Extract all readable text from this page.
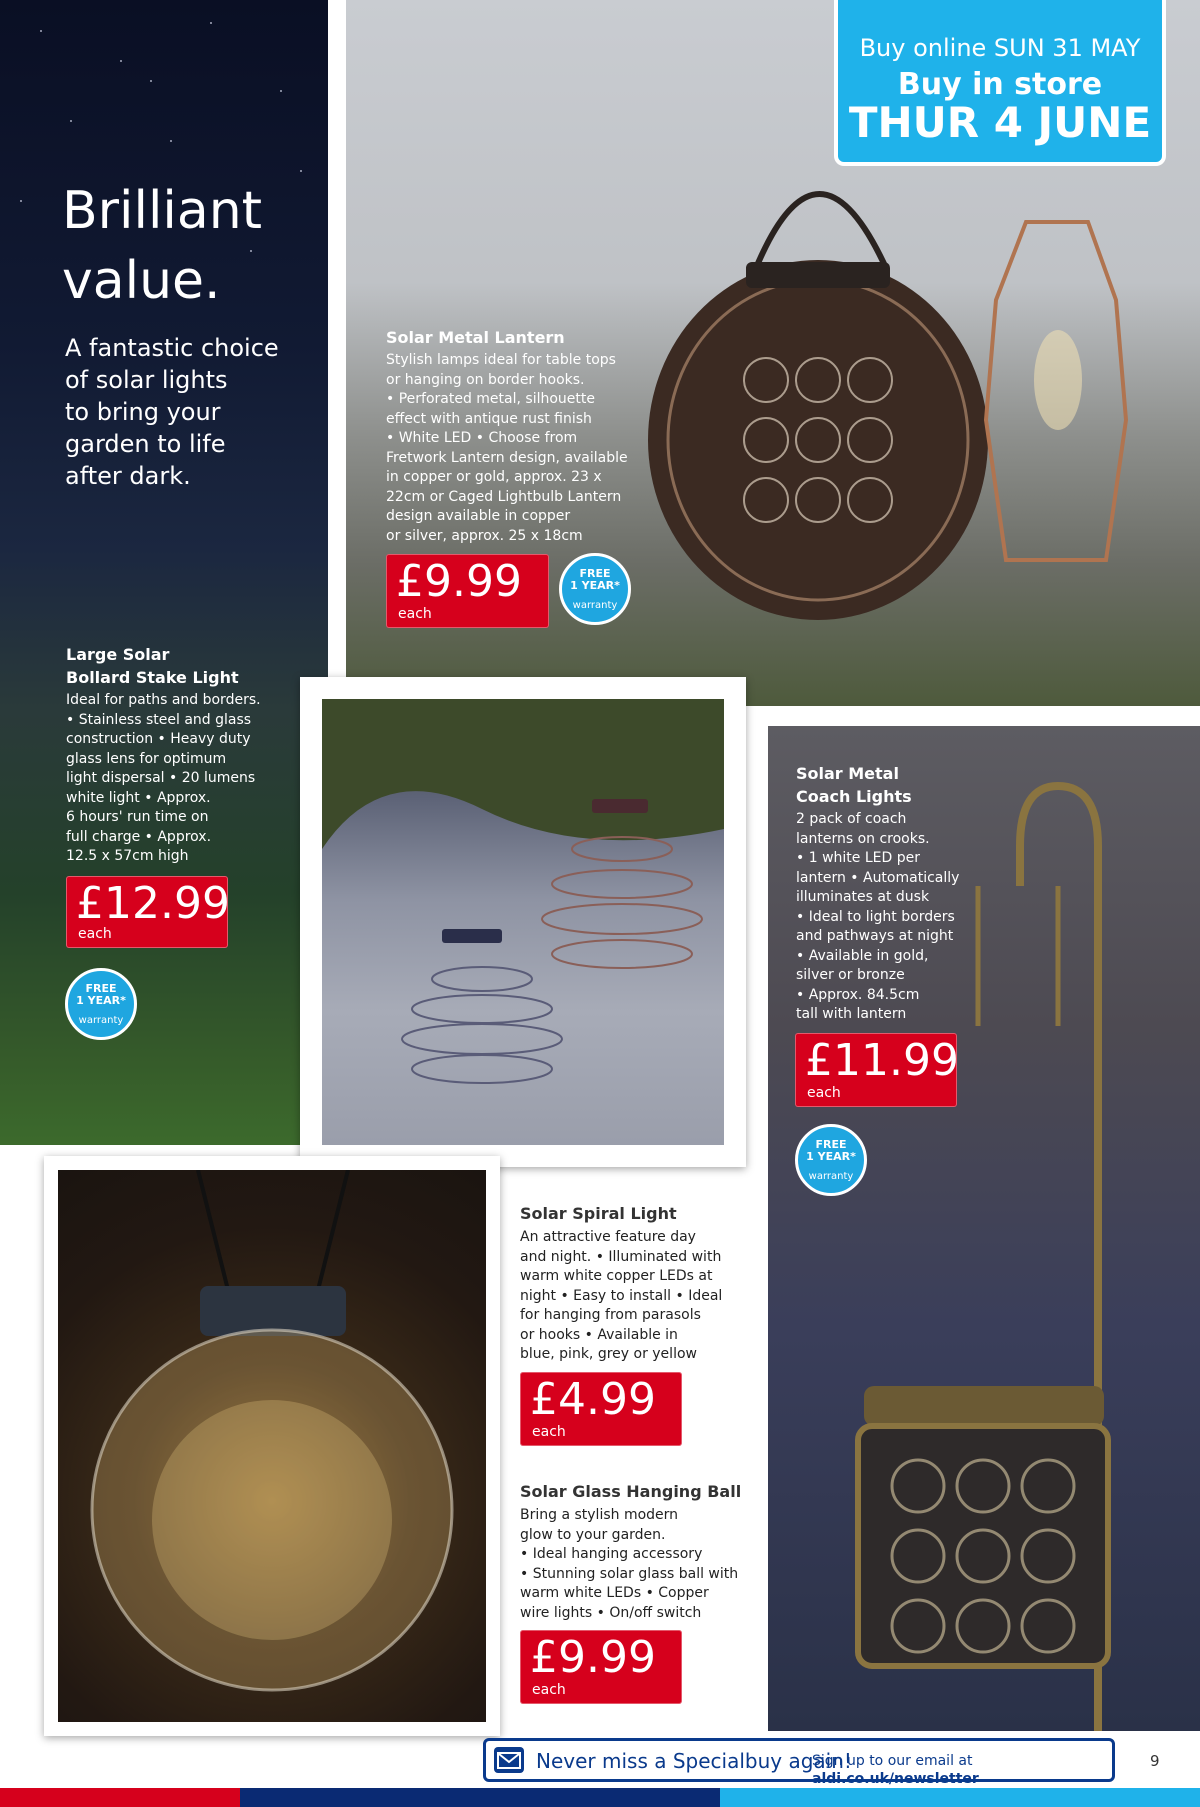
Brilliant
value.
A fantastic choice
of solar lights
to bring your
garden to life
after dark.
Large Solar
Bollard Stake Light
Ideal for paths and borders.
• Stainless steel and glass
construction • Heavy duty
glass lens for optimum
light dispersal • 20 lumens
white light • Approx.
6 hours' run time on
full charge • Approx.
12.5 x 57cm high
£12.99
each
FREE
1 YEAR*
warranty
Solar Metal Lantern
Stylish lamps ideal for table tops
or hanging on border hooks.
• Perforated metal, silhouette
effect with antique rust finish
• White LED • Choose from
Fretwork Lantern design, available
in copper or gold, approx. 23 x
22cm or Caged Lightbulb Lantern
design available in copper
or silver, approx. 25 x 18cm
£9.99
each
FREE
1 YEAR*
warranty
Buy online SUN 31 MAY
Buy in store
THUR 4 JUNE
Solar Metal
Coach Lights
2 pack of coach
lanterns on crooks.
• 1 white LED per
lantern • Automatically
illuminates at dusk
• Ideal to light borders
and pathways at night
• Available in gold,
silver or bronze
• Approx. 84.5cm
tall with lantern
£11.99
each
FREE
1 YEAR*
warranty
Solar Spiral Light
An attractive feature day
and night. • Illuminated with
warm white copper LEDs at
night • Easy to install • Ideal
for hanging from parasols
or hooks • Available in
blue, pink, grey or yellow
£4.99
each
Solar Glass Hanging Ball
Bring a stylish modern
glow to your garden.
• Ideal hanging accessory
• Stunning solar glass ball with
warm white LEDs • Copper
wire lights • On/off switch
£9.99
each
Never miss a Specialbuy again!
Sign up to our email at aldi.co.uk/newsletter
9
